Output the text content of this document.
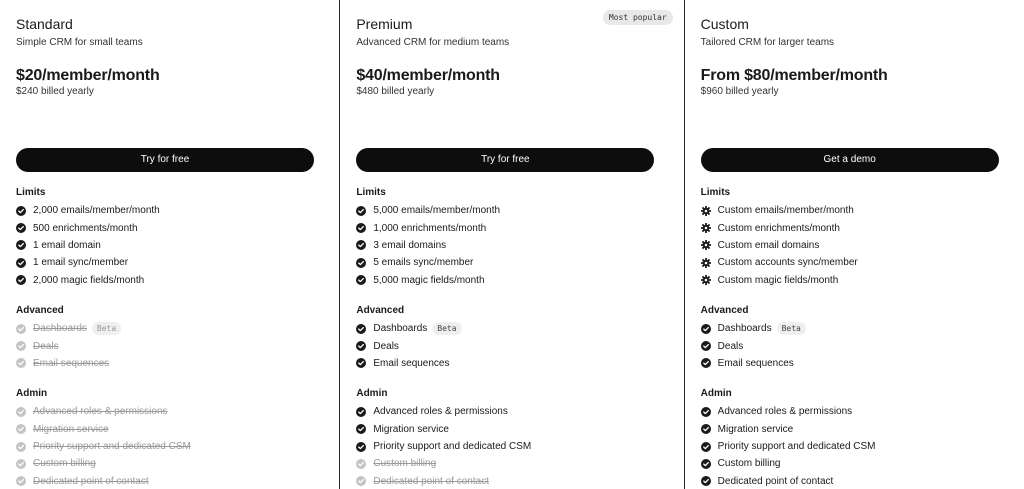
Standard
Simple CRM for small teams
$20/member/month
$240 billed yearly
Try for free
Limits
2,000 emails/member/month
500 enrichments/month
1 email domain
1 email sync/member
2,000 magic fields/month
Advanced
Dashboards	Beta
Deals
Email sequences
Admin
Advanced roles & permissions
Migration service
Priority support and dedicated CSM
Custom billing
Dedicated point of contact
Most popular
Premium
Advanced CRM for medium teams
$40/member/month
$480 billed yearly
Try for free
Limits
5,000 emails/member/month
1,000 enrichments/month
3 email domains
5 emails sync/member
5,000 magic fields/month
Advanced
Dashboards	Beta
Deals
Email sequences
Admin
Advanced roles & permissions
Migration service
Priority support and dedicated CSM
Custom billing
Dedicated point of contact
Custom
Tailored CRM for larger teams
From $80/member/month
$960 billed yearly
Get a demo
Limits
Custom emails/member/month
Custom enrichments/month
Custom email domains
Custom accounts sync/member
Custom magic fields/month
Advanced
Dashboards	Beta
Deals
Email sequences
Admin
Advanced roles & permissions
Migration service
Priority support and dedicated CSM
Custom billing
Dedicated point of contact
